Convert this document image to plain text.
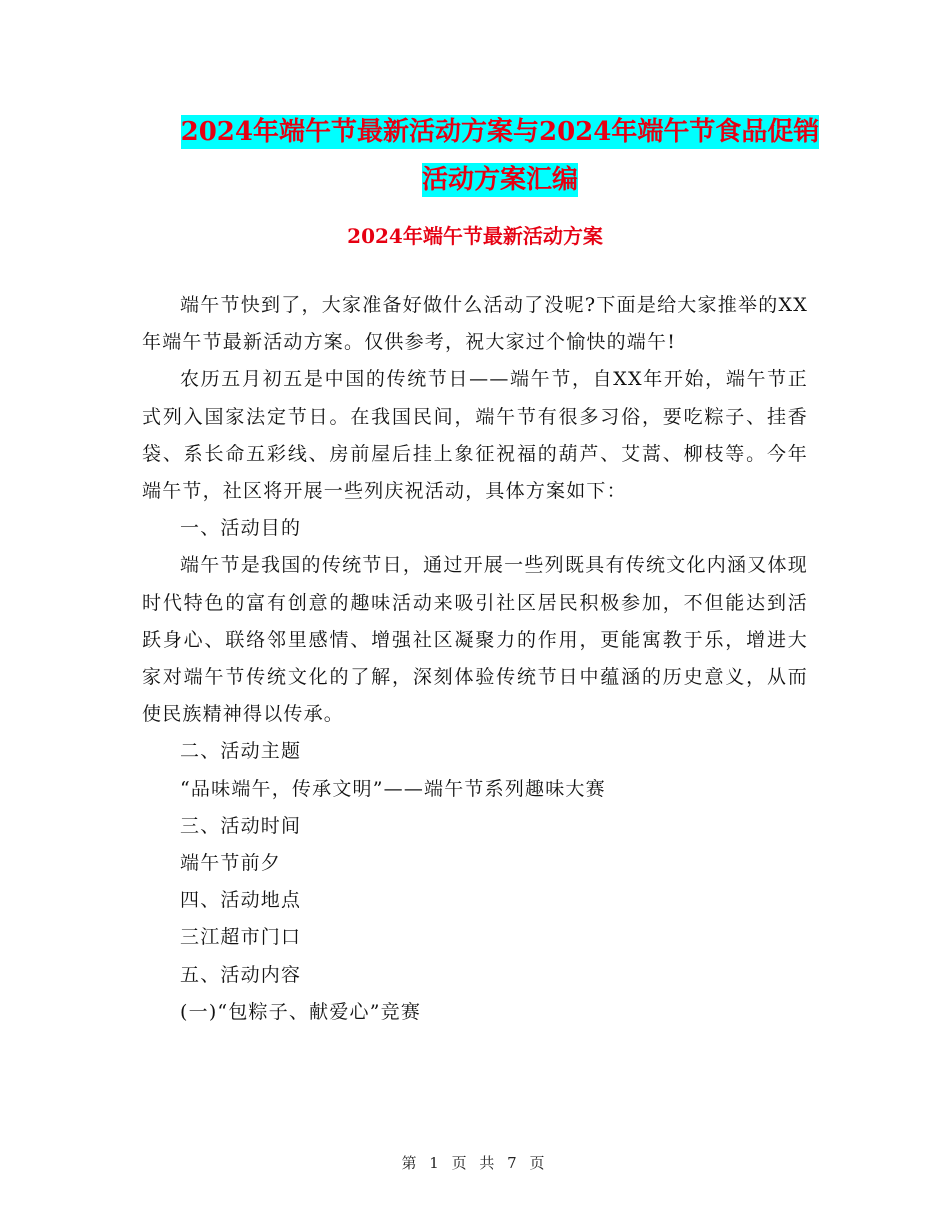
2024年端午节最新活动方案与2024年端午节食品促销
活动方案汇编
2024年端午节最新活动方案

端午节快到了，大家准备好做什么活动了没呢?下面是给大家推举的XX年端午节最新活动方案。仅供参考，祝大家过个愉快的端午!

农历五月初五是中国的传统节日——端午节，自XX年开始，端午节正式列入国家法定节日。在我国民间，端午节有很多习俗，要吃粽子、挂香袋、系长命五彩线、房前屋后挂上象征祝福的葫芦、艾蒿、柳枝等。今年端午节，社区将开展一些列庆祝活动，具体方案如下：

一、活动目的

端午节是我国的传统节日，通过开展一些列既具有传统文化内涵又体现时代特色的富有创意的趣味活动来吸引社区居民积极参加，不但能达到活跃身心、联络邻里感情、增强社区凝聚力的作用，更能寓教于乐，增进大家对端午节传统文化的了解，深刻体验传统节日中蕴涵的历史意义，从而使民族精神得以传承。

二、活动主题

“品味端午，传承文明”——端午节系列趣味大赛

三、活动时间

端午节前夕

四、活动地点

三江超市门口

五、活动内容

(一)“包粽子、献爱心”竞赛

第 1 页 共 7 页
